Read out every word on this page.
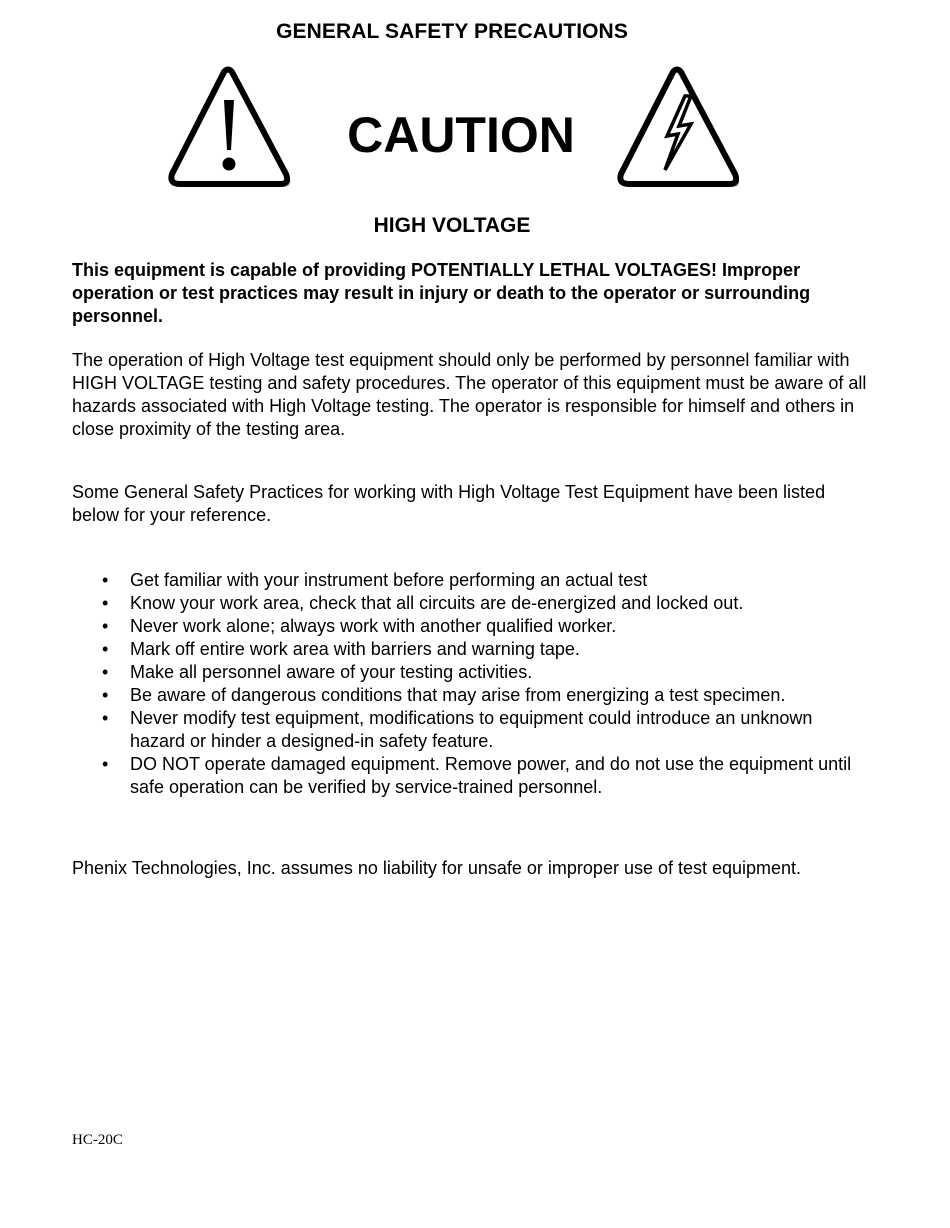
GENERAL SAFETY PRECAUTIONS
CAUTION
HIGH VOLTAGE

This equipment is capable of providing POTENTIALLY LETHAL VOLTAGES! Improper operation or test practices may result in injury or death to the operator or surrounding personnel.

The operation of High Voltage test equipment should only be performed by personnel familiar with HIGH VOLTAGE testing and safety procedures. The operator of this equipment must be aware of all hazards associated with High Voltage testing. The operator is responsible for himself and others in close proximity of the testing area.

Some General Safety Practices for working with High Voltage Test Equipment have been listed below for your reference.

•	Get familiar with your instrument before performing an actual test
•	Know your work area, check that all circuits are de-energized and locked out.
•	Never work alone; always work with another qualified worker.
•	Mark off entire work area with barriers and warning tape.
•	Make all personnel aware of your testing activities.
•	Be aware of dangerous conditions that may arise from energizing a test specimen.
•	Never modify test equipment, modifications to equipment could introduce an unknown hazard or hinder a designed-in safety feature.
•	DO NOT operate damaged equipment. Remove power, and do not use the equipment until safe operation can be verified by service-trained personnel.

Phenix Technologies, Inc. assumes no liability for unsafe or improper use of test equipment.

HC-20C
